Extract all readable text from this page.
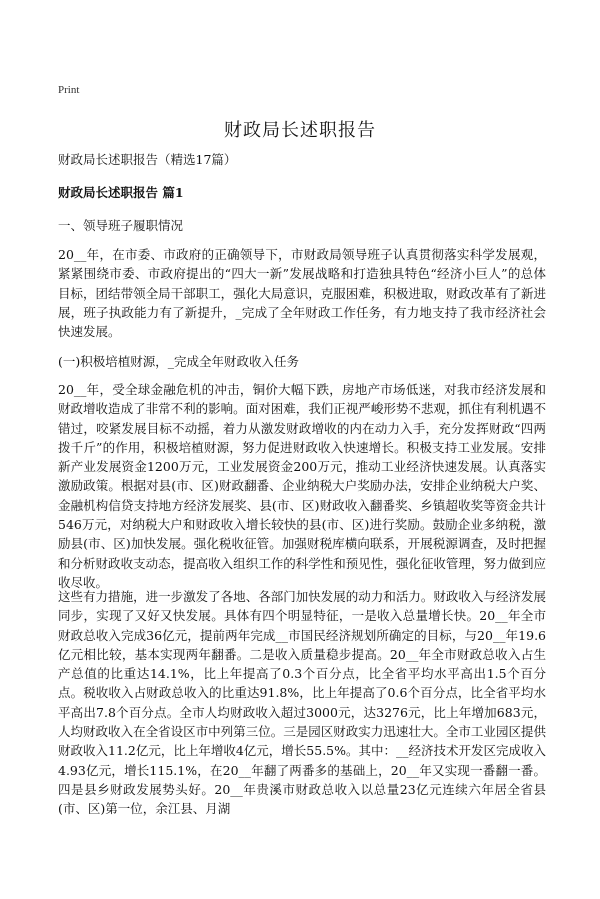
Print
财政局长述职报告
财政局长述职报告（精选17篇）
财政局长述职报告 篇1
一、领导班子履职情况

20__年，在市委、市政府的正确领导下，市财政局领导班子认真贯彻落实科学发展观，紧紧围绕市委、市政府提出的“四大一新”发展战略和打造独具特色“经济小巨人”的总体目标，团结带领全局干部职工，强化大局意识，克服困难，积极进取，财政改革有了新进展，班子执政能力有了新提升，_完成了全年财政工作任务，有力地支持了我市经济社会快速发展。

(一)积极培植财源，_完成全年财政收入任务

20__年，受全球金融危机的冲击，铜价大幅下跌，房地产市场低迷，对我市经济发展和财政增收造成了非常不利的影响。面对困难，我们正视严峻形势不悲观，抓住有利机遇不错过，咬紧发展目标不动摇，着力从激发财政增收的内在动力入手，充分发挥财政“四两拨千斤”的作用，积极培植财源，努力促进财政收入快速增长。积极支持工业发展。安排新产业发展资金1200万元，工业发展资金200万元，推动工业经济快速发展。认真落实激励政策。根据对县(市、区)财政翻番、企业纳税大户奖励办法，安排企业纳税大户奖、金融机构信贷支持地方经济发展奖、县(市、区)财政收入翻番奖、乡镇超收奖等资金共计546万元，对纳税大户和财政收入增长较快的县(市、区)进行奖励。鼓励企业多纳税，激励县(市、区)加快发展。强化税收征管。加强财税库横向联系，开展税源调查，及时把握和分析财政收支动态，提高收入组织工作的科学性和预见性，强化征收管理，努力做到应收尽收。

这些有力措施，进一步激发了各地、各部门加快发展的动力和活力。财政收入与经济发展同步，实现了又好又快发展。具体有四个明显特征，一是收入总量增长快。20__年全市财政总收入完成36亿元，提前两年完成__市国民经济规划所确定的目标，与20__年19.6亿元相比较，基本实现两年翻番。二是收入质量稳步提高。20__年全市财政总收入占生产总值的比重达14.1%，比上年提高了0.3个百分点，比全省平均水平高出1.5个百分点。税收收入占财政总收入的比重达91.8%，比上年提高了0.6个百分点，比全省平均水平高出7.8个百分点。全市人均财政收入超过3000元，达3276元，比上年增加683元，人均财政收入在全省设区市中列第三位。三是园区财政实力迅速壮大。全市工业园区提供财政收入11.2亿元，比上年增收4亿元，增长55.5%。其中：__经济技术开发区完成收入4.93亿元，增长115.1%，在20__年翻了两番多的基础上，20__年又实现一番翻一番。四是县乡财政发展势头好。20__年贵溪市财政总收入以总量23亿元连续六年居全省县(市、区)第一位，余江县、月湖
